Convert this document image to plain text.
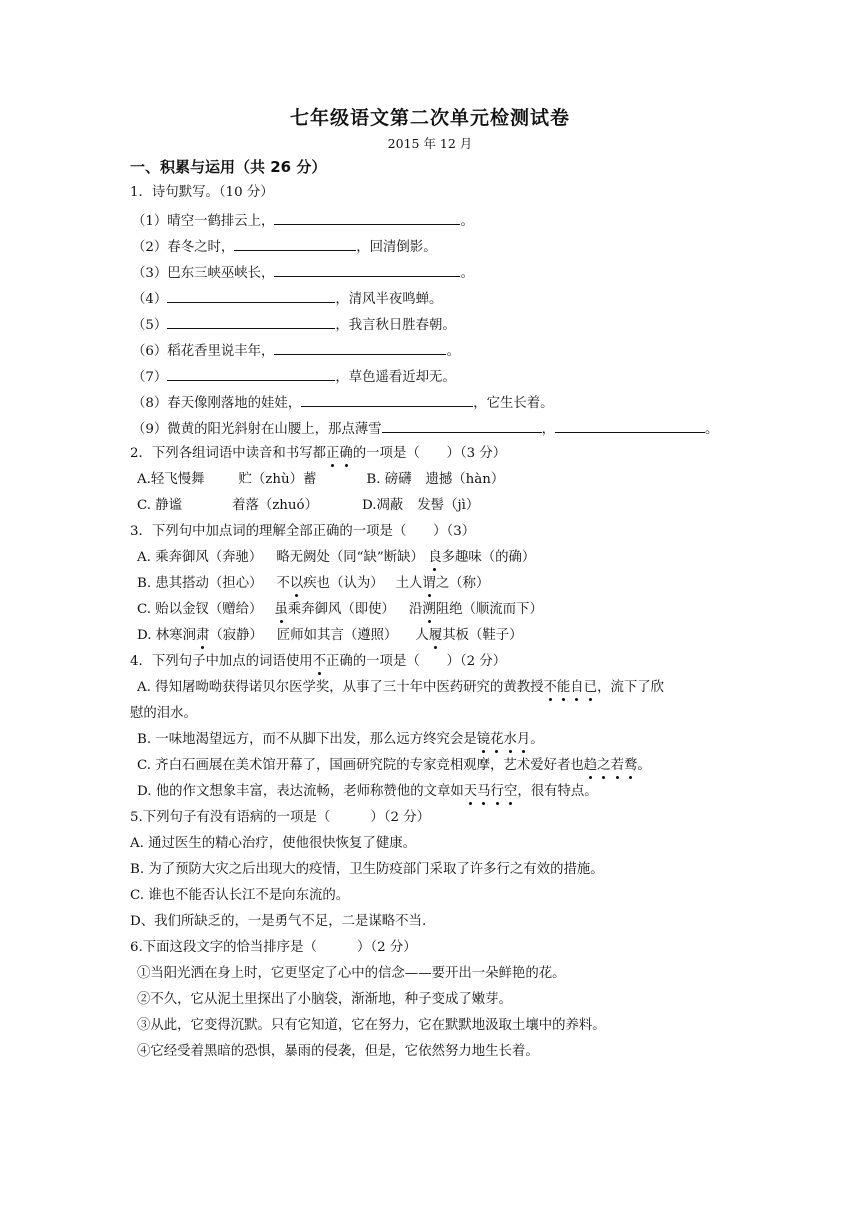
七年级语文第二次单元检测试卷
2015 年 12 月
一、积累与运用（共 26 分）
1．诗句默写。（10 分）
（1）晴空一鹤排云上，	。
（2）春冬之时，	，回清倒影。
（3）巴东三峡巫峡长，	。
（4）	，清风半夜鸣蝉。
（5）	，我言秋日胜春朝。
（6）稻花香里说丰年，	。
（7）	，草色遥看近却无。
（8）春天像刚落地的娃娃，	，它生长着。
（9）微黄的阳光斜射在山腰上，那点薄雪	，	。
2．下列各组词语中读音和书写都正确的一项是（　　）（3 分）
A.轻飞慢舞	贮（zhù）蓄	B. 磅礴 遗撼（hàn）
C. 静谧	着落（zhuó）	D.凋蔽 发髻（jì）
3．下列句中加点词的理解全部正确的一项是（　　）（3）
A. 乘奔御风（奔驰） 略无阙处（同“缺”断缺） 良多趣味（的确）
B. 患其搭动（担心） 不以疾也（认为） 土人谓之（称）
C. 贻以金钗（赠给） 虽乘奔御风（即使） 沿溯阻绝（顺流而下）
D. 林寒涧肃（寂静） 匠师如其言（遵照） 人履其板（鞋子）
4．下列句子中加点的词语使用不正确的一项是（　　）（2 分）
A. 得知屠呦呦获得诺贝尔医学奖，从事了三十年中医药研究的黄教授不能自已，流下了欣
慰的泪水。
B. 一味地渴望远方，而不从脚下出发，那么远方终究会是镜花水月。
C. 齐白石画展在美术馆开幕了，国画研究院的专家竞相观摩，艺术爱好者也趋之若鹜。
D. 他的作文想象丰富，表达流畅，老师称赞他的文章如天马行空，很有特点。
5.下列句子有没有语病的一项是（　　　）（2 分）
A. 通过医生的精心治疗，使他很快恢复了健康。
B. 为了预防大灾之后出现大的疫情，卫生防疫部门采取了许多行之有效的措施。
C. 谁也不能否认长江不是向东流的。
D、我们所缺乏的，一是勇气不足，二是谋略不当.
6.下面这段文字的恰当排序是（　　　）（2 分）
①当阳光洒在身上时，它更坚定了心中的信念——要开出一朵鲜艳的花。
②不久，它从泥土里探出了小脑袋，渐渐地，种子变成了嫩芽。
③从此，它变得沉默。只有它知道，它在努力，它在默默地汲取土壤中的养料。
④它经受着黑暗的恐惧，暴雨的侵袭，但是，它依然努力地生长着。
